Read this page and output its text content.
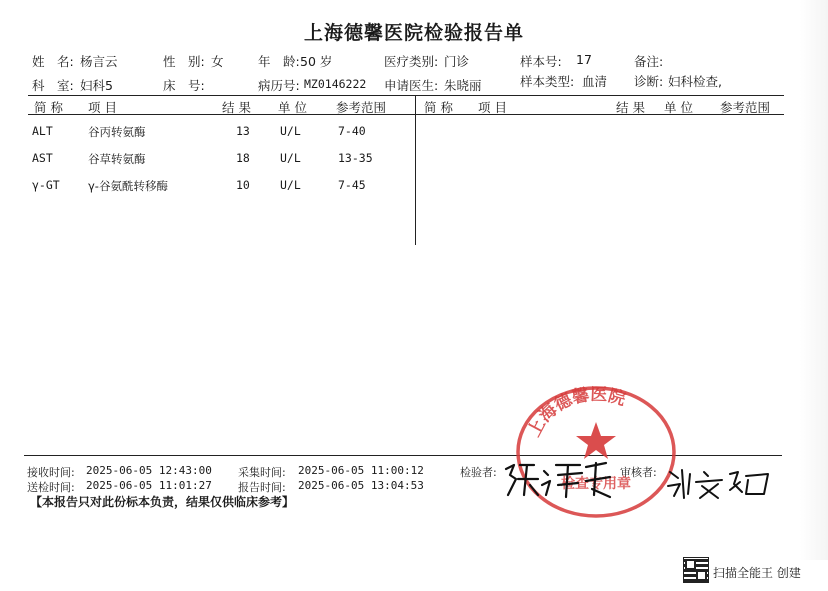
上海德馨医院检验报告单
姓　名: 杨言云	性　别: 女	年　龄: 50 岁	医疗类别: 门诊	样本号: 17	备注:
科　室: 妇科5	床　号:	病历号: MZ0146222 申请医生: 朱晓丽	样本类型: 血清 诊断: 妇科检查,
简 称 项 目	结 果 单 位 参考范围	简 称 项 目	结 果 单 位 参考范围
ALT	谷丙转氨酶	13	U/L	7-40
AST	谷草转氨酶	18	U/L	13-35
γ-GT γ-谷氨酰转移酶	10	U/L	7-45
接收时间: 2025-06-05 12:43:00 采集时间: 2025-06-05 11:00:12	检验者:	审核者:
送检时间: 2025-06-05 11:01:27 报告时间: 2025-06-05 13:04:53
【本报告只对此份标本负责，结果仅供临床参考】
上海德馨医院
检查专用章
扫描全能王 创建
